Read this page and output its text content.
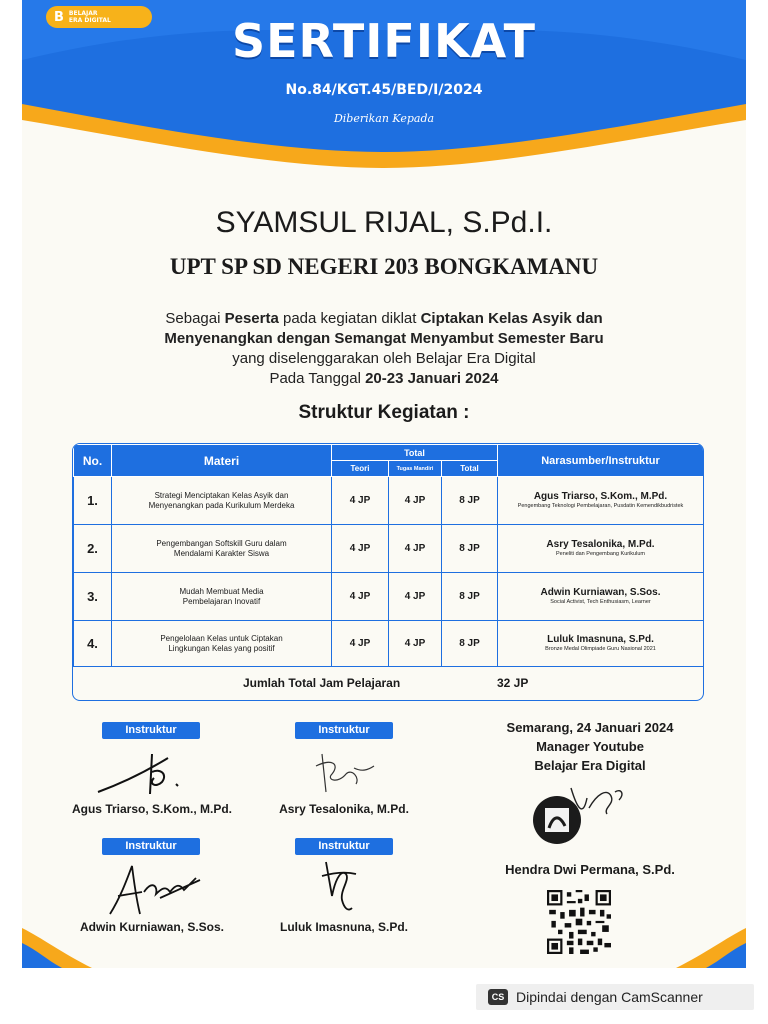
B BELAJAR
ERA DIGITAL	SERTIFIKAT
No.84/KGT.45/BED/I/2024
Diberikan Kepada
SYAMSUL RIJAL, S.Pd.I.
UPT SP SD NEGERI 203 BONGKAMANU
Sebagai Peserta pada kegiatan diklat Ciptakan Kelas Asyik dan
Menyenangkan dengan Semangat Menyambut Semester Baru
yang diselenggarakan oleh Belajar Era Digital
Pada Tanggal 20-23 Januari 2024
Struktur Kegiatan :
No.	Materi	Total			Narasumber/Instruktur
		Teori	Tugas Mandiri	Total	
1.	Strategi Menciptakan Kelas Asyik dan Menyenangkan pada Kurikulum Merdeka	4 JP	4 JP	8 JP	Agus Triarso, S.Kom., M.Pd.
Pengembang Teknologi Pembelajaran, Pusdatin Kemendikbudristek

2.	Pengembangan Softskill Guru dalam Mendalami Karakter Siswa	4 JP	4 JP	8 JP	Asry Tesalonika, M.Pd.
Peneliti dan Pengembang Kurikulum

3.	Mudah Membuat Media Pembelajaran Inovatif	4 JP	4 JP	8 JP	Adwin Kurniawan, S.Sos.
Social Activist, Tech Enthusiasm, Learner

4.	Pengelolaan Kelas untuk Ciptakan Lingkungan Kelas yang positif	4 JP	4 JP	8 JP	Luluk Imasnuna, S.Pd.
Bronze Medal Olimpiade Guru Nasional 2021
Jumlah Total Jam Pelajaran	32 JP
Instruktur
Agus Triarso, S.Kom., M.Pd.
Instruktur
Asry Tesalonika, M.Pd.
Instruktur
Adwin Kurniawan, S.Sos.
Instruktur
Luluk Imasnuna, S.Pd.
Semarang, 24 Januari 2024
Manager Youtube
Belajar Era Digital
Hendra Dwi Permana, S.Pd.
CS Dipindai dengan CamScanner
